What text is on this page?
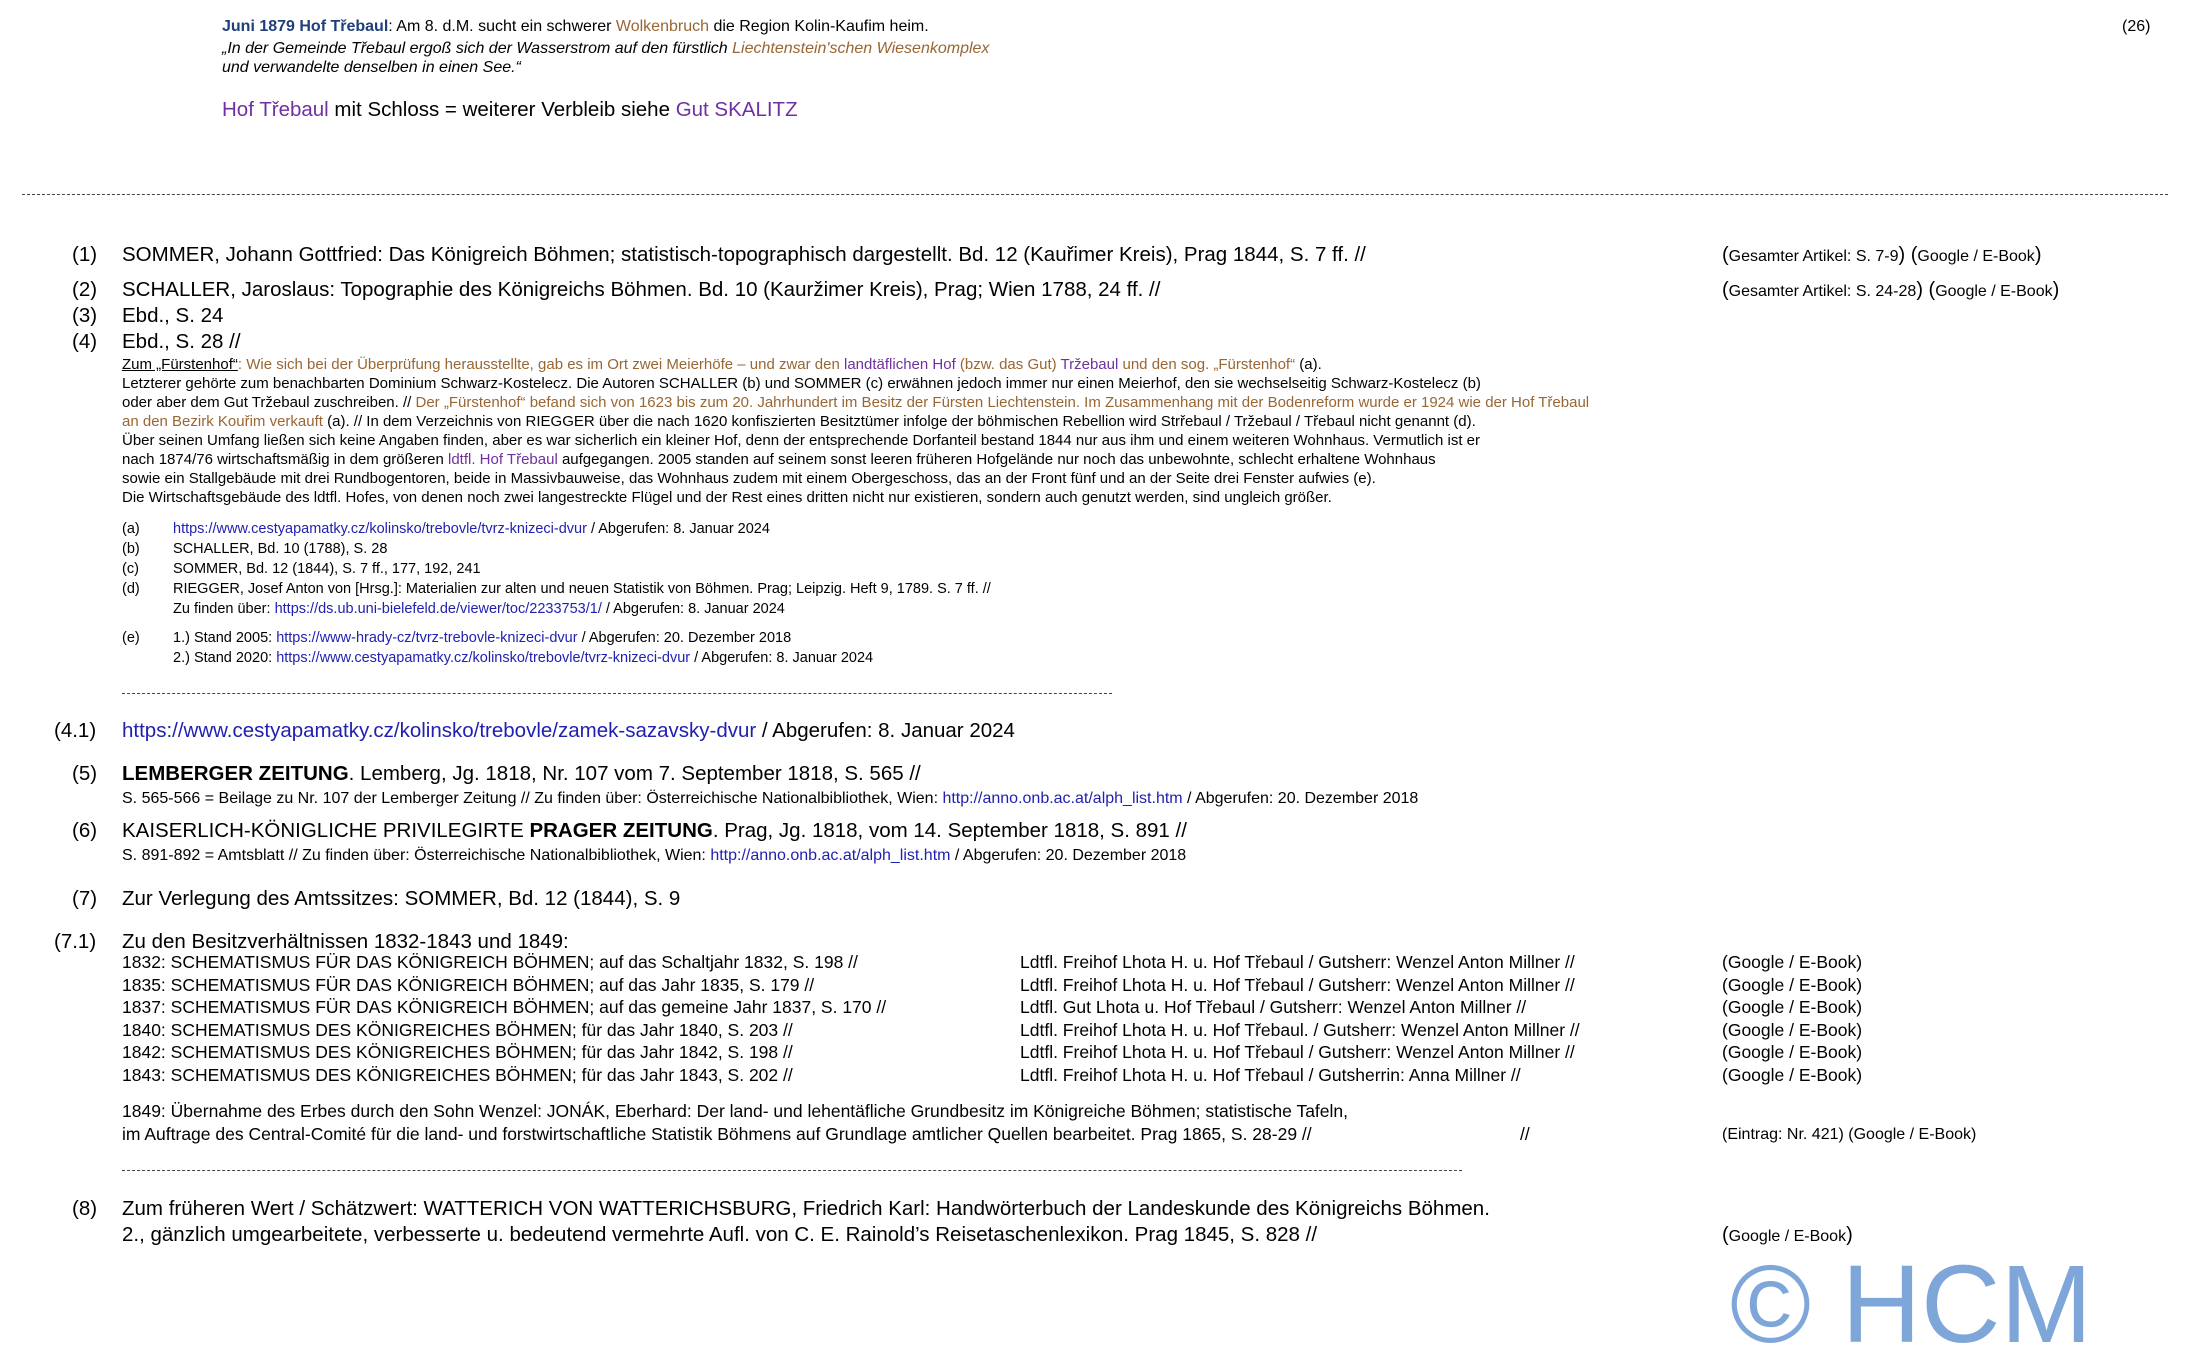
Juni 1879 Hof Třebaul: Am 8. d.M. sucht ein schwerer Wolkenbruch die Region Kolin-Kaufim heim.	(26)
„In der Gemeinde Třebaul ergoß sich der Wasserstrom auf den fürstlich Liechtenstein'schen Wiesenkomplex
und verwandelte denselben in einen See.“
Hof Třebaul mit Schloss = weiterer Verbleib siehe Gut SKALITZ
(1) SOMMER, Johann Gottfried: Das Königreich Böhmen; statistisch-topographisch dargestellt. Bd. 12 (Kauřimer Kreis), Prag 1844, S. 7 ff. //	(Gesamter Artikel: S. 7-9) (Google / E-Book)
(2) SCHALLER, Jaroslaus: Topographie des Königreichs Böhmen. Bd. 10 (Kauržimer Kreis), Prag; Wien 1788, 24 ff. //	(Gesamter Artikel: S. 24-28) (Google / E-Book)
(3) Ebd., S. 24
(4) Ebd., S. 28 //
Zum „Fürstenhof“: Wie sich bei der Überprüfung herausstellte, gab es im Ort zwei Meierhöfe – und zwar den landtäflichen Hof (bzw. das Gut) Tržebaul und den sog. „Fürstenhof“ (a).
Letzterer gehörte zum benachbarten Dominium Schwarz-Kostelecz. Die Autoren SCHALLER (b) und SOMMER (c) erwähnen jedoch immer nur einen Meierhof, den sie wechselseitig Schwarz-Kostelecz (b)
oder aber dem Gut Tržebaul zuschreiben. // Der „Fürstenhof“ befand sich von 1623 bis zum 20. Jahrhundert im Besitz der Fürsten Liechtenstein. Im Zusammenhang mit der Bodenreform wurde er 1924 wie der Hof Třebaul
an den Bezirk Kouřim verkauft (a). // In dem Verzeichnis von RIEGGER über die nach 1620 konfiszierten Besitztümer infolge der böhmischen Rebellion wird Strřebaul / Tržebaul / Třebaul nicht genannt (d).
Über seinen Umfang ließen sich keine Angaben finden, aber es war sicherlich ein kleiner Hof, denn der entsprechende Dorfanteil bestand 1844 nur aus ihm und einem weiteren Wohnhaus. Vermutlich ist er
nach 1874/76 wirtschaftsmäßig in dem größeren ldtfl. Hof Třebaul aufgegangen. 2005 standen auf seinem sonst leeren früheren Hofgelände nur noch das unbewohnte, schlecht erhaltene Wohnhaus
sowie ein Stallgebäude mit drei Rundbogentoren, beide in Massivbauweise, das Wohnhaus zudem mit einem Obergeschoss, das an der Front fünf und an der Seite drei Fenster aufwies (e).
Die Wirtschaftsgebäude des ldtfl. Hofes, von denen noch zwei langestreckte Flügel und der Rest eines dritten nicht nur existieren, sondern auch genutzt werden, sind ungleich größer.
(a) https://www.cestyapamatky.cz/kolinsko/trebovle/tvrz-knizeci-dvur / Abgerufen: 8. Januar 2024
(b) SCHALLER, Bd. 10 (1788), S. 28
(c) SOMMER, Bd. 12 (1844), S. 7 ff., 177, 192, 241
(d) RIEGGER, Josef Anton von [Hrsg.]: Materialien zur alten und neuen Statistik von Böhmen. Prag; Leipzig. Heft 9, 1789. S. 7 ff. //
Zu finden über: https://ds.ub.uni-bielefeld.de/viewer/toc/2233753/1/ / Abgerufen: 8. Januar 2024
(e) 1.) Stand 2005: https://www-hrady-cz/tvrz-trebovle-knizeci-dvur / Abgerufen: 20. Dezember 2018
2.) Stand 2020: https://www.cestyapamatky.cz/kolinsko/trebovle/tvrz-knizeci-dvur / Abgerufen: 8. Januar 2024
(4.1) https://www.cestyapamatky.cz/kolinsko/trebovle/zamek-sazavsky-dvur / Abgerufen: 8. Januar 2024
(5) LEMBERGER ZEITUNG. Lemberg, Jg. 1818, Nr. 107 vom 7. September 1818, S. 565 //
S. 565-566 = Beilage zu Nr. 107 der Lemberger Zeitung // Zu finden über: Österreichische Nationalbibliothek, Wien: http://anno.onb.ac.at/alph_list.htm / Abgerufen: 20. Dezember 2018
(6) KAISERLICH-KÖNIGLICHE PRIVILEGIRTE PRAGER ZEITUNG. Prag, Jg. 1818, vom 14. September 1818, S. 891 //
S. 891-892 = Amtsblatt // Zu finden über: Österreichische Nationalbibliothek, Wien: http://anno.onb.ac.at/alph_list.htm / Abgerufen: 20. Dezember 2018
(7) Zur Verlegung des Amtssitzes: SOMMER, Bd. 12 (1844), S. 9
(7.1) Zu den Besitzverhältnissen 1832-1843 und 1849:
1832: SCHEMATISMUS FÜR DAS KÖNIGREICH BÖHMEN; auf das Schaltjahr 1832, S. 198 //	Ldtfl. Freihof Lhota H. u. Hof Třebaul / Gutsherr: Wenzel Anton Millner //	(Google / E-Book)
1835: SCHEMATISMUS FÜR DAS KÖNIGREICH BÖHMEN; auf das Jahr 1835, S. 179 //	Ldtfl. Freihof Lhota H. u. Hof Třebaul / Gutsherr: Wenzel Anton Millner //	(Google / E-Book)
1837: SCHEMATISMUS FÜR DAS KÖNIGREICH BÖHMEN; auf das gemeine Jahr 1837, S. 170 //	Ldtfl. Gut Lhota u. Hof Třebaul / Gutsherr: Wenzel Anton Millner //	(Google / E-Book)
1840: SCHEMATISMUS DES KÖNIGREICHES BÖHMEN; für das Jahr 1840, S. 203 //	Ldtfl. Freihof Lhota H. u. Hof Třebaul. / Gutsherr: Wenzel Anton Millner //	(Google / E-Book)
1842: SCHEMATISMUS DES KÖNIGREICHES BÖHMEN; für das Jahr 1842, S. 198 //	Ldtfl. Freihof Lhota H. u. Hof Třebaul / Gutsherr: Wenzel Anton Millner //	(Google / E-Book)
1843: SCHEMATISMUS DES KÖNIGREICHES BÖHMEN; für das Jahr 1843, S. 202 //	Ldtfl. Freihof Lhota H. u. Hof Třebaul / Gutsherrin: Anna Millner //	(Google / E-Book)
1849: Übernahme des Erbes durch den Sohn Wenzel: JONÁK, Eberhard: Der land- und lehentäfliche Grundbesitz im Königreiche Böhmen; statistische Tafeln,
im Auftrage des Central-Comité für die land- und forstwirtschaftliche Statistik Böhmens auf Grundlage amtlicher Quellen bearbeitet. Prag 1865, S. 28-29 //	//	(Eintrag: Nr. 421) (Google / E-Book)
(8) Zum früheren Wert / Schätzwert: WATTERICH VON WATTERICHSBURG, Friedrich Karl: Handwörterbuch der Landeskunde des Königreichs Böhmen.
2., gänzlich umgearbeitete, verbesserte u. bedeutend vermehrte Aufl. von C. E. Rainold’s Reisetaschenlexikon. Prag 1845, S. 828 //	(Google / E-Book)
© HCM
